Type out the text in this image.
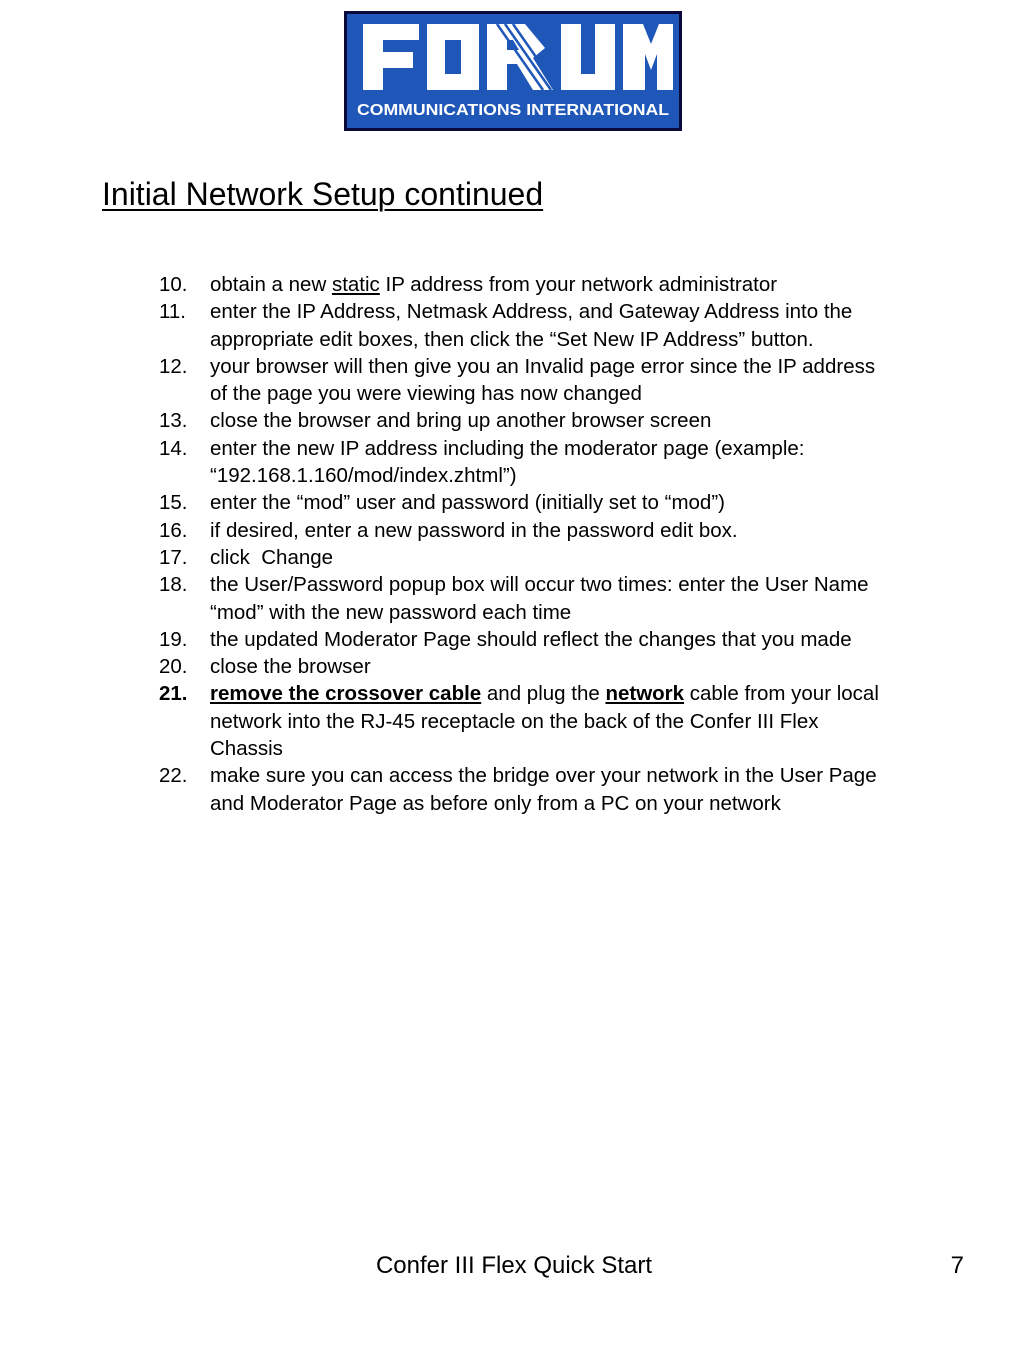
COMMUNICATIONS INTERNATIONAL
Initial Network Setup continued
10.	obtain a new static IP address from your network administrator
11.	enter the IP Address, Netmask Address, and Gateway Address into the appropriate edit boxes, then click the “Set New IP Address” button.
12.	your browser will then give you an Invalid page error since the IP address of the page you were viewing has now changed
13.	close the browser and bring up another browser screen
14.	enter the new IP address including the moderator page (example: “192.168.1.160/mod/index.zhtml”)
15.	enter the “mod” user and password (initially set to “mod”)
16.	if desired, enter a new password in the password edit box.
17.	click  Change
18.	the User/Password popup box will occur two times: enter the User Name “mod” with the new password each time
19.	the updated Moderator Page should reflect the changes that you made
20.	close the browser
21.	remove the crossover cable and plug the network cable from your local network into the RJ-45 receptacle on the back of the Confer III Flex Chassis
22.	make sure you can access the bridge over your network in the User Page and Moderator Page as before only from a PC on your network
Confer III Flex Quick Start	7
